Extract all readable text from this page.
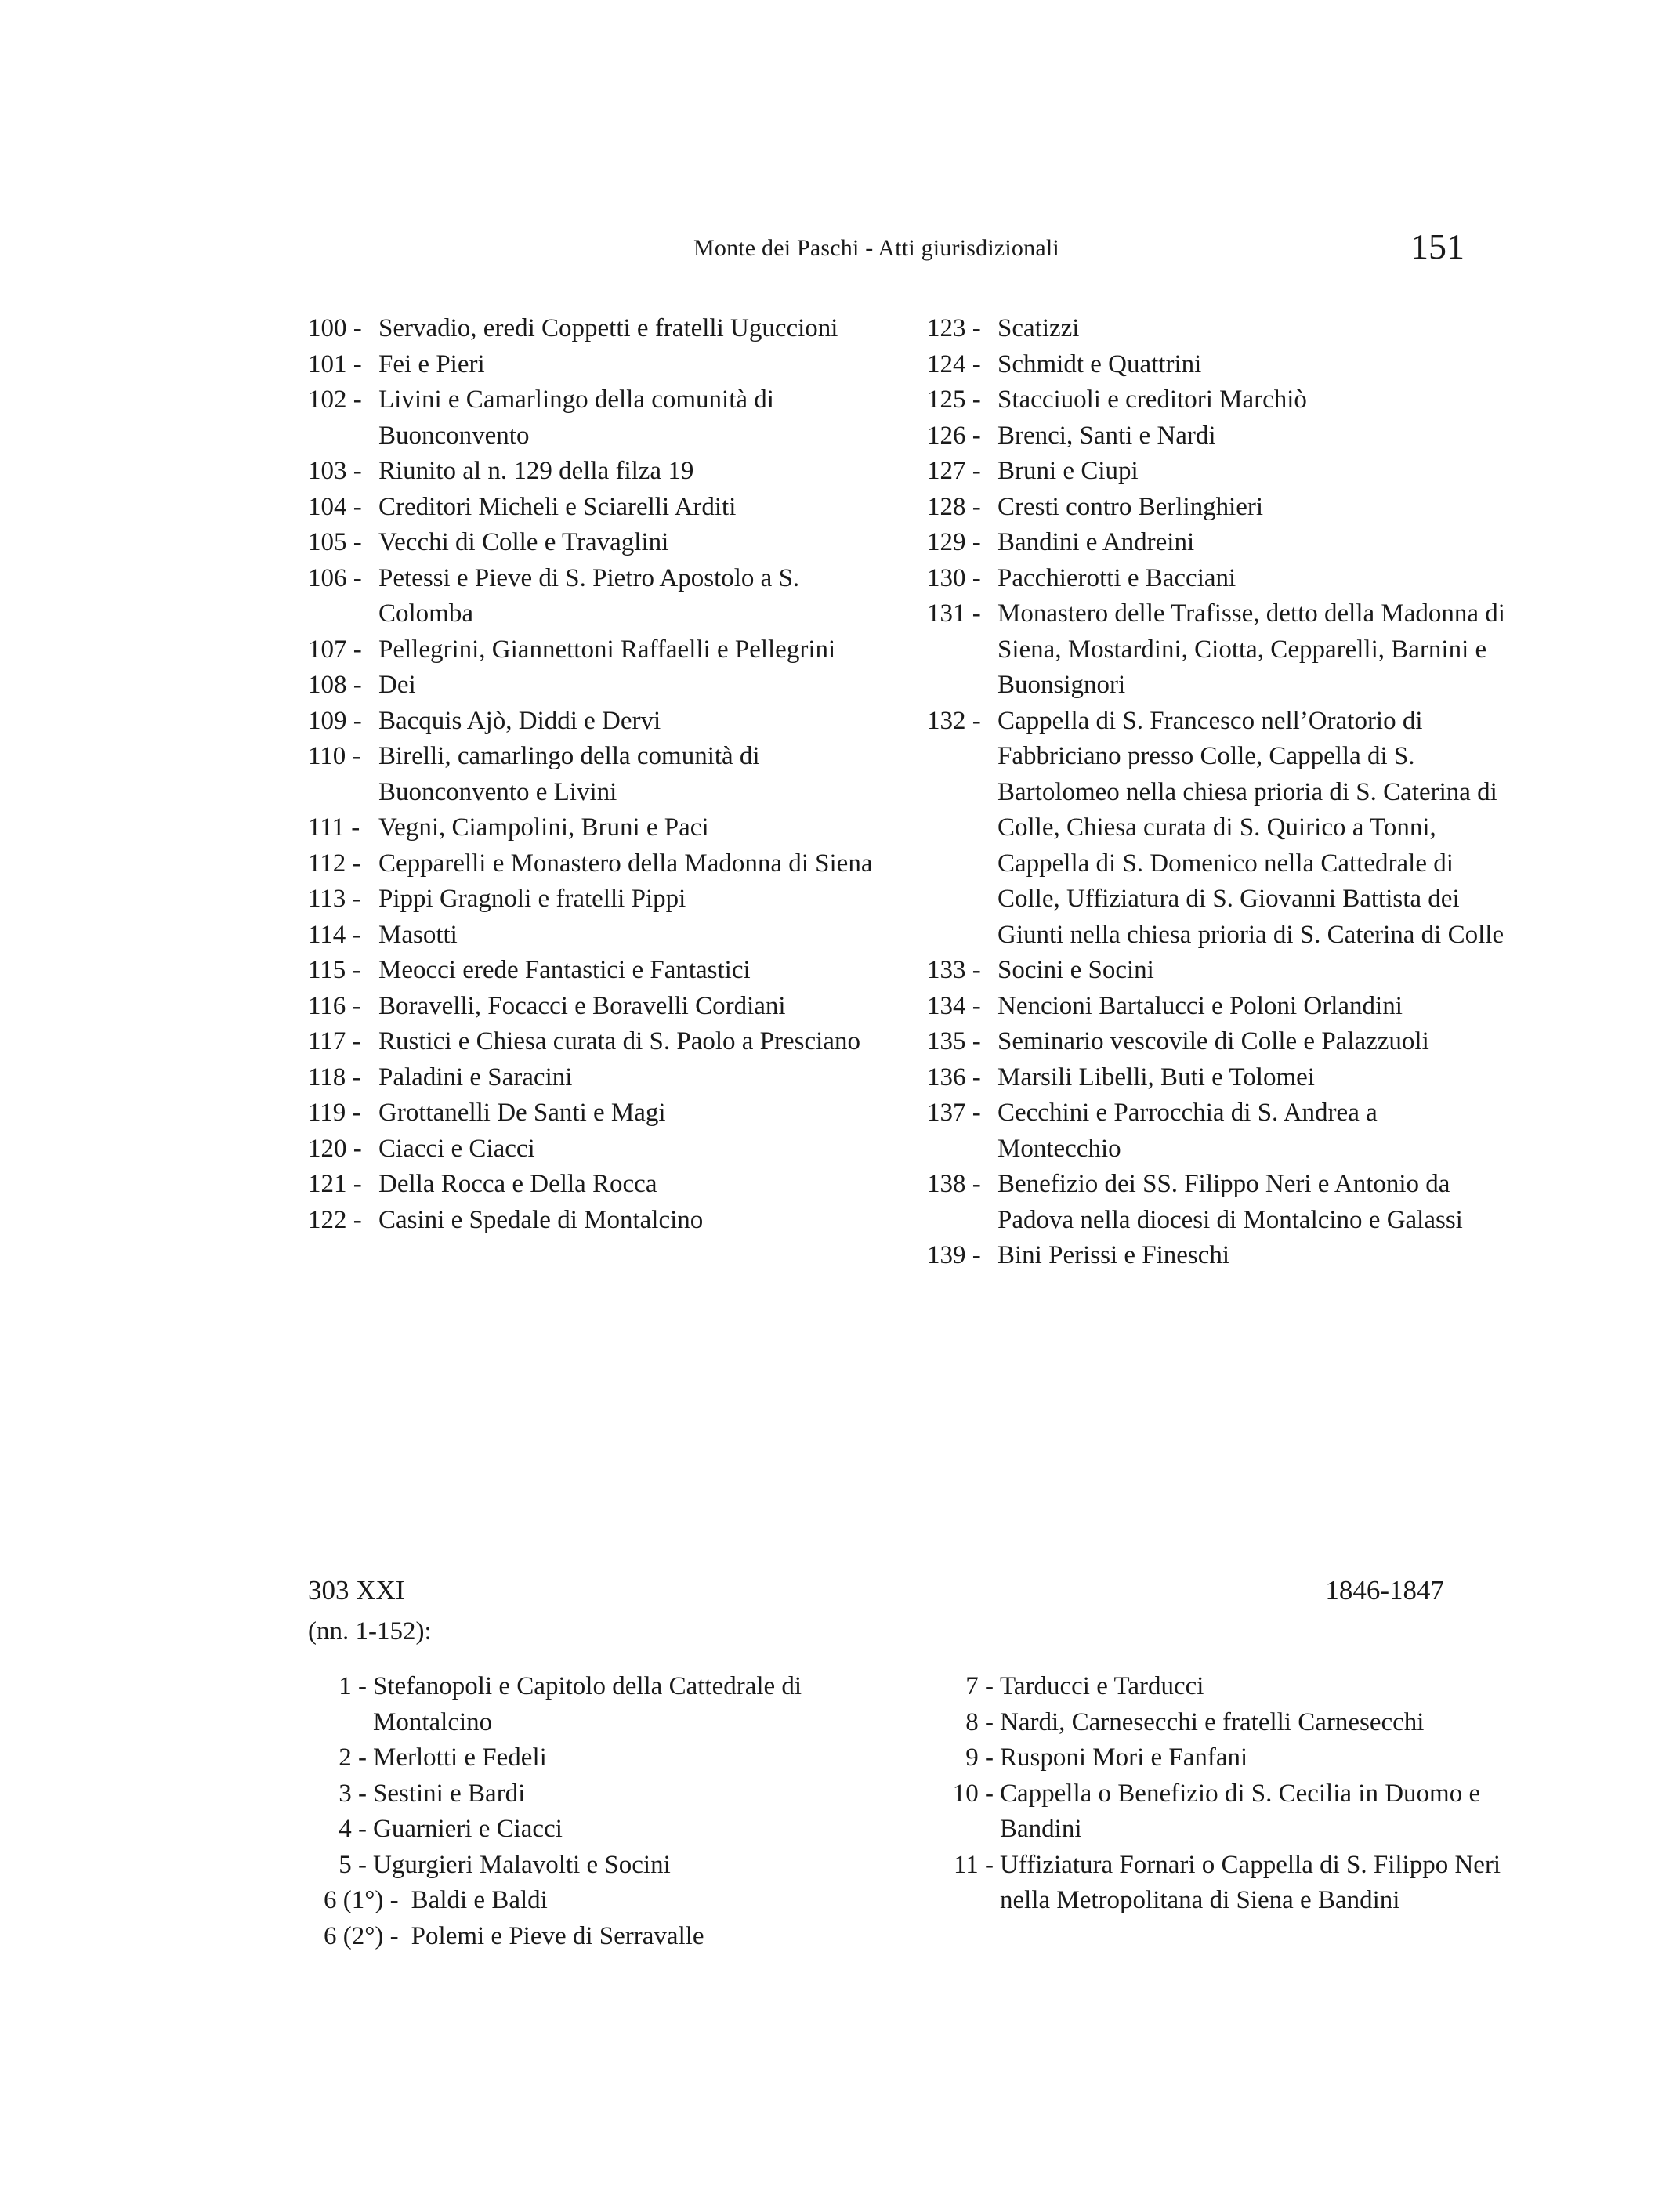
Monte dei Paschi - Atti giurisdizionali	151
100 - Servadio, eredi Coppetti e fratelli Uguccioni
101 - Fei e Pieri
102 - Livini e Camarlingo della comunità di Buonconvento
103 - Riunito al n. 129 della filza 19
104 - Creditori Micheli e Sciarelli Arditi
105 - Vecchi di Colle e Travaglini
106 - Petessi e Pieve di S. Pietro Apostolo a S. Colomba
107 - Pellegrini, Giannettoni Raffaelli e Pellegrini
108 - Dei
109 - Bacquis Ajò, Diddi e Dervi
110 - Birelli, camarlingo della comunità di Buonconvento e Livini
111 - Vegni, Ciampolini, Bruni e Paci
112 - Cepparelli e Monastero della Madonna di Siena
113 - Pippi Gragnoli e fratelli Pippi
114 - Masotti
115 - Meocci erede Fantastici e Fantastici
116 - Boravelli, Focacci e Boravelli Cordiani
117 - Rustici e Chiesa curata di S. Paolo a Presciano
118 - Paladini e Saracini
119 - Grottanelli De Santi e Magi
120 - Ciacci e Ciacci
121 - Della Rocca e Della Rocca
122 - Casini e Spedale di Montalcino
123 - Scatizzi
124 - Schmidt e Quattrini
125 - Stacciuoli e creditori Marchiò
126 - Brenci, Santi e Nardi
127 - Bruni e Ciupi
128 - Cresti contro Berlinghieri
129 - Bandini e Andreini
130 - Pacchierotti e Bacciani
131 - Monastero delle Trafisse, detto della Madonna di Siena, Mostardini, Ciotta, Cepparelli, Barnini e Buonsignori
132 - Cappella di S. Francesco nell’Oratorio di Fabbriciano presso Colle, Cappella di S. Bartolomeo nella chiesa prioria di S. Caterina di Colle, Chiesa curata di S. Quirico a Tonni, Cappella di S. Domenico nella Cattedrale di Colle, Uffiziatura di S. Giovanni Battista dei Giunti nella chiesa prioria di S. Caterina di Colle
133 - Socini e Socini
134 - Nencioni Bartalucci e Poloni Orlandini
135 - Seminario vescovile di Colle e Palazzuoli
136 - Marsili Libelli, Buti e Tolomei
137 - Cecchini e Parrocchia di S. Andrea a Montecchio
138 - Benefizio dei SS. Filippo Neri e Antonio da Padova nella diocesi di Montalcino e Galassi
139 - Bini Perissi e Fineschi
303 XXI	1846-1847
(nn. 1-152):
1 - Stefanopoli e Capitolo della Cattedrale di Montalcino
2 - Merlotti e Fedeli
3 - Sestini e Bardi
4 - Guarnieri e Ciacci
5 - Ugurgieri Malavolti e Socini
6 (1°) - Baldi e Baldi
6 (2°) - Polemi e Pieve di Serravalle
7 - Tarducci e Tarducci
8 - Nardi, Carnesecchi e fratelli Carnesecchi
9 - Rusponi Mori e Fanfani
10 - Cappella o Benefizio di S. Cecilia in Duomo e Bandini
11 - Uffiziatura Fornari o Cappella di S. Filippo Neri nella Metropolitana di Siena e Bandini
